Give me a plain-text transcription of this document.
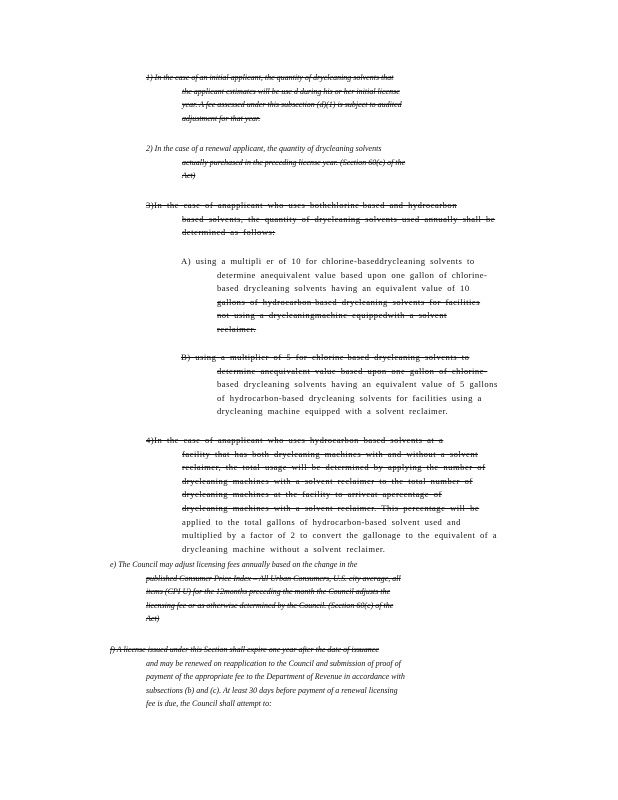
1) In the case of an initial applicant, the quantity of drycleaning solvents that
the applicant estimates will be use d during his or her initial license
year. A fee assessed under this subsection (d)(1) is subject to audited
adjustment for that year.
2) In the case of a renewal applicant, the quantity of drycleaning solvents
actually purchased in the preceding license year. (Section 60(c) of the
Act)
3)In the case of anapplicant who uses bothchlorine-based and hydrocarbon
based solvents, the quantity of drycleaning solvents used annually shall be
determined as follows:
A) using a multipli er of 10 for chlorine-baseddrycleaning solvents to
determine anequivalent value based upon one gallon of chlorine-
based drycleaning solvents having an equivalent value of 10
gallons of hydrocarbon-based drycleaning solvents for facilities
not using a drycleaningmachine equippedwith a solvent
reclaimer.
B) using a multiplier of 5 for chlorine-based drycleaning solvents to
determine anequivalent value based upon one gallon of chlorine-
based drycleaning solvents having an equivalent value of 5 gallons
of hydrocarbon-based drycleaning solvents for facilities using a
drycleaning machine equipped with a solvent reclaimer.
4)In the case of anapplicant who uses hydrocarbon based solvents at a
facility that has both drycleaning machines with and without a solvent
reclaimer, the total usage will be determined by applying the number of
drycleaning machines with a solvent reclaimer to the total number of
drycleaning machines at the facility to arriveat apercentage of
drycleaning machines with a solvent reclaimer. This percentage will be
applied to the total gallons of hydrocarbon-based solvent used and
multiplied by a factor of 2 to convert the gallonage to the equivalent of a
drycleaning machine without a solvent reclaimer.
e) The Council may adjust licensing fees annually based on the change in the
published Consumer Price Index – All Urban Consumers, U.S. city average, all
items (CPI U) for the 12months preceding the month the Council adjusts the
licensing fee or as otherwise determined by the Council. (Section 60(c) of the
Act)
f) A license issued under this Section shall expire one year after the date of issuance
and may be renewed on reapplication to the Council and submission of proof of
payment of the appropriate fee to the Department of Revenue in accordance with
subsections (b) and (c). At least 30 days before payment of a renewal licensing
fee is due, the Council shall attempt to:
